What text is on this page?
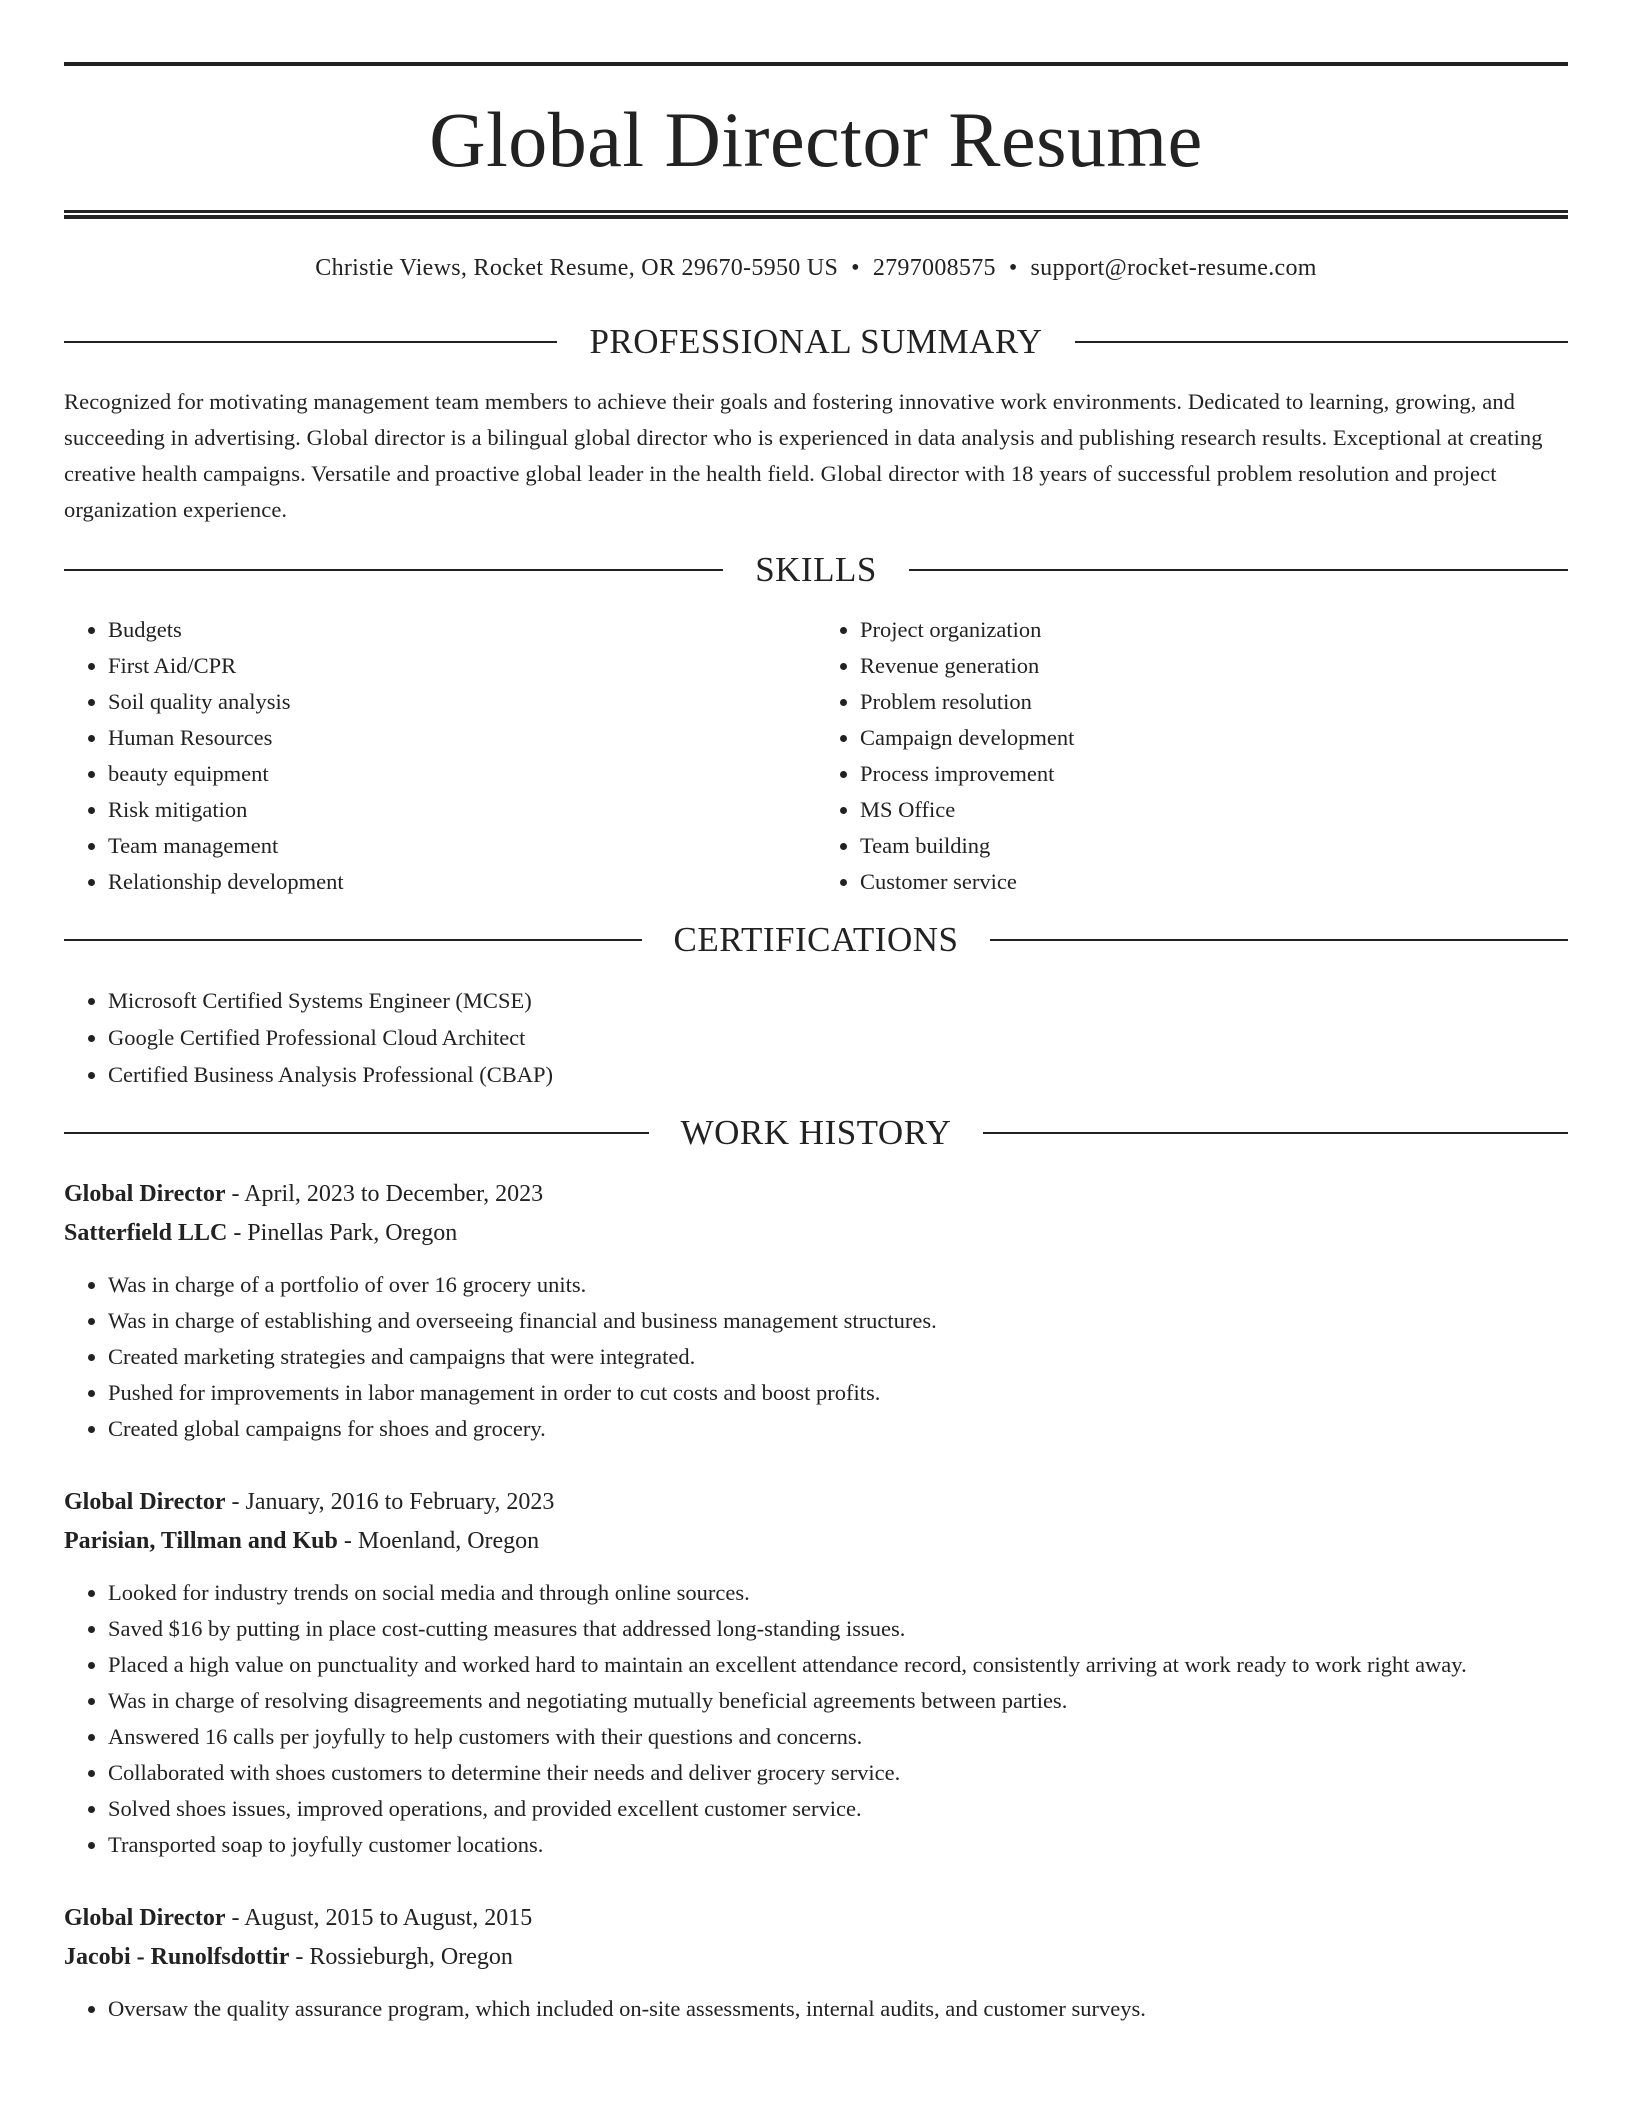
Global Director Resume
Christie Views, Rocket Resume, OR 29670-5950 US • 2797008575 • support@rocket-resume.com
PROFESSIONAL SUMMARY
Recognized for motivating management team members to achieve their goals and fostering innovative work environments. Dedicated to learning, growing, and succeeding in advertising. Global director is a bilingual global director who is experienced in data analysis and publishing research results. Exceptional at creating creative health campaigns. Versatile and proactive global leader in the health field. Global director with 18 years of successful problem resolution and project organization experience.
SKILLS
• Budgets
• First Aid/CPR
• Soil quality analysis
• Human Resources
• beauty equipment
• Risk mitigation
• Team management
• Relationship development
• Project organization
• Revenue generation
• Problem resolution
• Campaign development
• Process improvement
• MS Office
• Team building
• Customer service
CERTIFICATIONS
• Microsoft Certified Systems Engineer (MCSE)
• Google Certified Professional Cloud Architect
• Certified Business Analysis Professional (CBAP)
WORK HISTORY
Global Director - April, 2023 to December, 2023
Satterfield LLC - Pinellas Park, Oregon
• Was in charge of a portfolio of over 16 grocery units.
• Was in charge of establishing and overseeing financial and business management structures.
• Created marketing strategies and campaigns that were integrated.
• Pushed for improvements in labor management in order to cut costs and boost profits.
• Created global campaigns for shoes and grocery.
Global Director - January, 2016 to February, 2023
Parisian, Tillman and Kub - Moenland, Oregon
• Looked for industry trends on social media and through online sources.
• Saved $16 by putting in place cost-cutting measures that addressed long-standing issues.
• Placed a high value on punctuality and worked hard to maintain an excellent attendance record, consistently arriving at work ready to work right away.
• Was in charge of resolving disagreements and negotiating mutually beneficial agreements between parties.
• Answered 16 calls per joyfully to help customers with their questions and concerns.
• Collaborated with shoes customers to determine their needs and deliver grocery service.
• Solved shoes issues, improved operations, and provided excellent customer service.
• Transported soap to joyfully customer locations.
Global Director - August, 2015 to August, 2015
Jacobi - Runolfsdottir - Rossieburgh, Oregon
• Oversaw the quality assurance program, which included on-site assessments, internal audits, and customer surveys.
